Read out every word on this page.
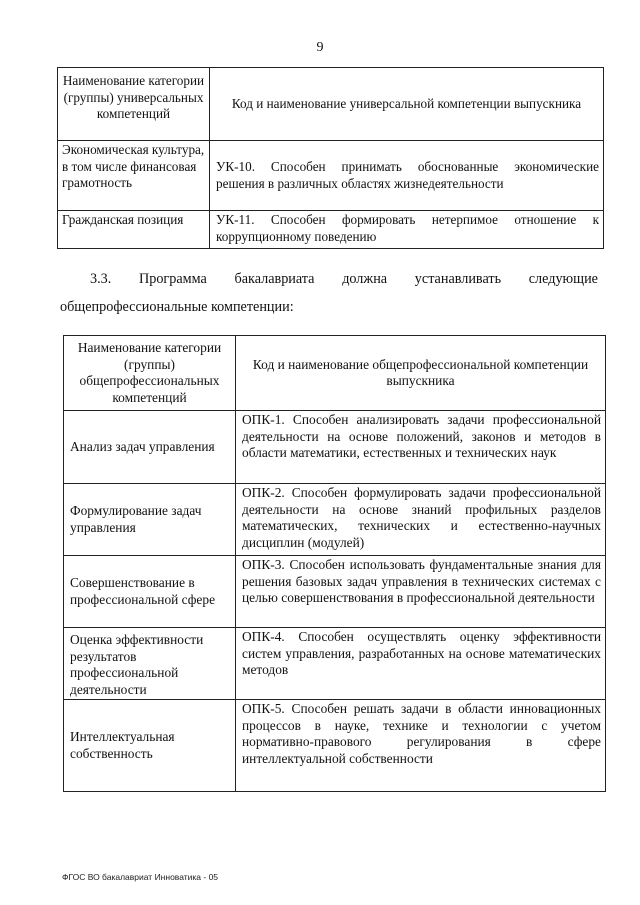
9
Наименование категории (группы) универсальных компетенций	Код и наименование универсальной компетенции выпускника
Экономическая культура, в том числе финансовая грамотность	УК-10. Способен принимать обоснованные экономические решения в различных областях жизнедеятельности
Гражданская позиция	УК-11. Способен формировать нетерпимое отношение к коррупционному поведению
3.3. Программа бакалавриата должна устанавливать следующие
общепрофессиональные компетенции:
Наименование категории (группы) общепрофессиональных компетенций	Код и наименование общепрофессиональной компетенции выпускника
Анализ задач управления	ОПК-1. Способен анализировать задачи профессиональной деятельности на основе положений, законов и методов в области математики, естественных и технических наук
Формулирование задач управления	ОПК-2. Способен формулировать задачи профессиональной деятельности на основе знаний профильных разделов математических, технических и естественно-научных дисциплин (модулей)
Совершенствование в профессиональной сфере	ОПК-3. Способен использовать фундаментальные знания для решения базовых задач управления в технических системах с целью совершенствования в профессиональной деятельности
Оценка эффективности результатов профессиональной деятельности	ОПК-4. Способен осуществлять оценку эффективности систем управления, разработанных на основе математических методов
Интеллектуальная собственность	ОПК-5. Способен решать задачи в области инновационных процессов в науке, технике и технологии с учетом нормативно-правового регулирования в сфере интеллектуальной собственности
ФГОС ВО бакалавриат Инноватика - 05
